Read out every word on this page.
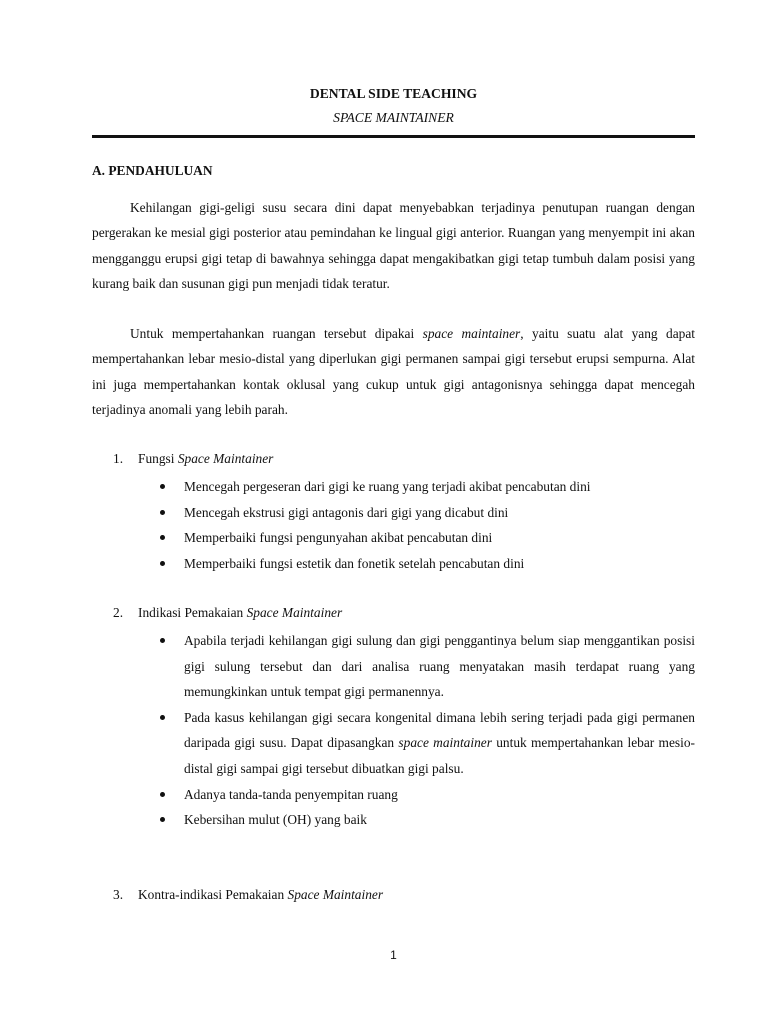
DENTAL SIDE TEACHING
SPACE MAINTAINER
A. PENDAHULUAN

Kehilangan gigi-geligi susu secara dini dapat menyebabkan terjadinya penutupan ruangan dengan pergerakan ke mesial gigi posterior atau pemindahan ke lingual gigi anterior. Ruangan yang menyempit ini akan mengganggu erupsi gigi tetap di bawahnya sehingga dapat mengakibatkan gigi tetap tumbuh dalam posisi yang kurang baik dan susunan gigi pun menjadi tidak teratur.

Untuk mempertahankan ruangan tersebut dipakai space maintainer, yaitu suatu alat yang dapat mempertahankan lebar mesio-distal yang diperlukan gigi permanen sampai gigi tersebut erupsi sempurna. Alat ini juga mempertahankan kontak oklusal yang cukup untuk gigi antagonisnya sehingga dapat mencegah terjadinya anomali yang lebih parah.

1. Fungsi Space Maintainer
Mencegah pergeseran dari gigi ke ruang yang terjadi akibat pencabutan dini
Mencegah ekstrusi gigi antagonis dari gigi yang dicabut dini
Memperbaiki fungsi pengunyahan akibat pencabutan dini
Memperbaiki fungsi estetik dan fonetik setelah pencabutan dini
2. Indikasi Pemakaian Space Maintainer
Apabila terjadi kehilangan gigi sulung dan gigi penggantinya belum siap menggantikan posisi gigi sulung tersebut dan dari analisa ruang menyatakan masih terdapat ruang yang memungkinkan untuk tempat gigi permanennya.
Pada kasus kehilangan gigi secara kongenital dimana lebih sering terjadi pada gigi permanen daripada gigi susu. Dapat dipasangkan space maintainer untuk mempertahankan lebar mesio-distal gigi sampai gigi tersebut dibuatkan gigi palsu.
Adanya tanda-tanda penyempitan ruang
Kebersihan mulut (OH) yang baik
3. Kontra-indikasi Pemakaian Space Maintainer
1
